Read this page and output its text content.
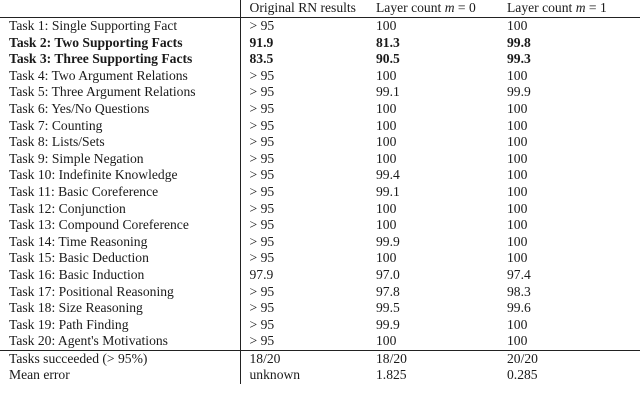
	Original RN results	Layer count m = 0	Layer count m = 1
Task 1: Single Supporting Fact	> 95	100	100
Task 2: Two Supporting Facts	91.9	81.3	99.8
Task 3: Three Supporting Facts	83.5	90.5	99.3
Task 4: Two Argument Relations	> 95	100	100
Task 5: Three Argument Relations	> 95	99.1	99.9
Task 6: Yes/No Questions	> 95	100	100
Task 7: Counting	> 95	100	100
Task 8: Lists/Sets	> 95	100	100
Task 9: Simple Negation	> 95	100	100
Task 10: Indefinite Knowledge	> 95	99.4	100
Task 11: Basic Coreference	> 95	99.1	100
Task 12: Conjunction	> 95	100	100
Task 13: Compound Coreference	> 95	100	100
Task 14: Time Reasoning	> 95	99.9	100
Task 15: Basic Deduction	> 95	100	100
Task 16: Basic Induction	97.9	97.0	97.4
Task 17: Positional Reasoning	> 95	97.8	98.3
Task 18: Size Reasoning	> 95	99.5	99.6
Task 19: Path Finding	> 95	99.9	100
Task 20: Agent's Motivations	> 95	100	100
Tasks succeeded (> 95%)	18/20	18/20	20/20
Mean error	unknown	1.825	0.285
